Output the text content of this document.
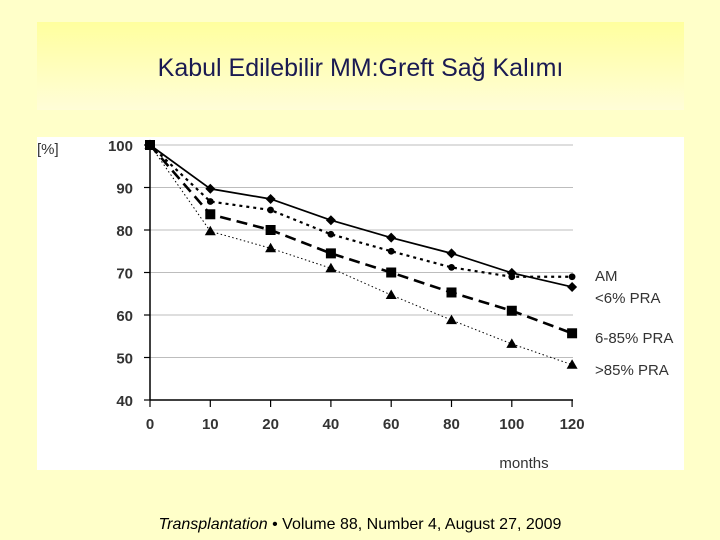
Kabul Edilebilir MM:Greft Sağ Kalımı
100
90
80
70
60
50
40
0	10	20	40	60	80	100 120
AM
<6% PRA
6-85% PRA
>85% PRA
[%]
months
Transplantation • Volume 88, Number 4, August 27, 2009
